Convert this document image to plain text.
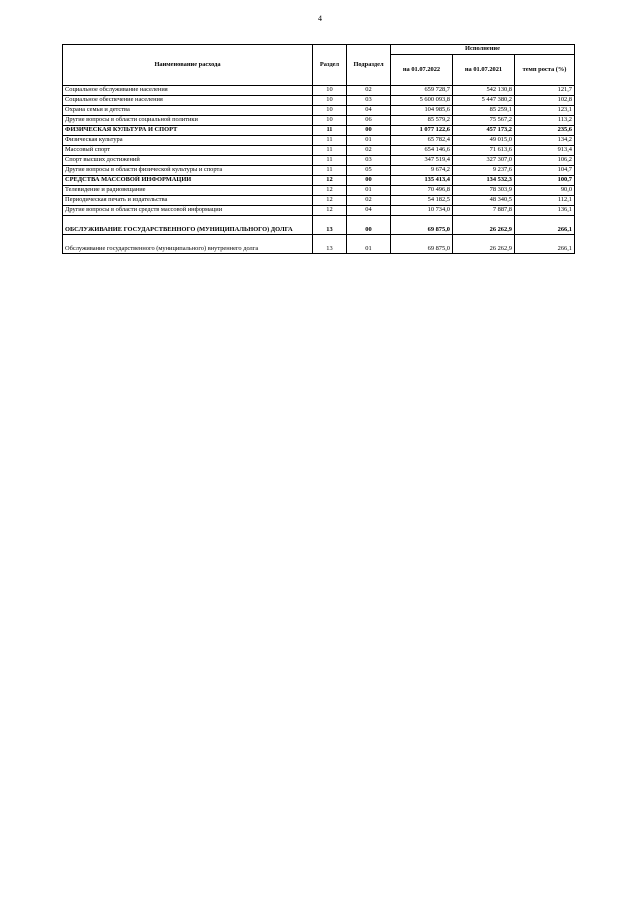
4
Наименование расхода	Раздел	Подраздел	Исполнение		
			на 01.07.2022	на 01.07.2021	темп роста (%)
Социальное обслуживание населения	10	02	659 728,7	542 130,8	121,7
Социальное обеспечение населения	10	03	5 600 093,8	5 447 380,2	102,8
Охрана семьи и детства	10	04	104 985,6	85 259,1	123,1
Другие вопросы в области социальной политики	10	06	85 579,2	75 567,2	113,2
ФИЗИЧЕСКАЯ КУЛЬТУРА И СПОРТ	11	00	1 077 122,6	457 173,2	235,6
Физическая культура	11	01	65 782,4	49 015,0	134,2
Массовый спорт	11	02	654 146,6	71 613,6	913,4
Спорт высших достижений	11	03	347 519,4	327 307,0	106,2
Другие вопросы в области физической культуры и спорта	11	05	9 674,2	9 237,6	104,7
СРЕДСТВА МАССОВОЙ ИНФОРМАЦИИ	12	00	135 413,4	134 532,3	100,7
Телевидение и радиовещание	12	01	70 496,8	78 303,9	90,0
Периодическая печать и издательства	12	02	54 182,5	48 340,5	112,1
Другие вопросы в области средств массовой информации	12	04	10 734,0	7 887,8	136,1
ОБСЛУЖИВАНИЕ ГОСУДАРСТВЕННОГО (МУНИЦИПАЛЬНОГО) ДОЛГА	13	00	69 875,0	26 262,9	266,1
Обслуживание государственного (муниципального) внутреннего долга	13	01	69 875,0	26 262,9	266,1
